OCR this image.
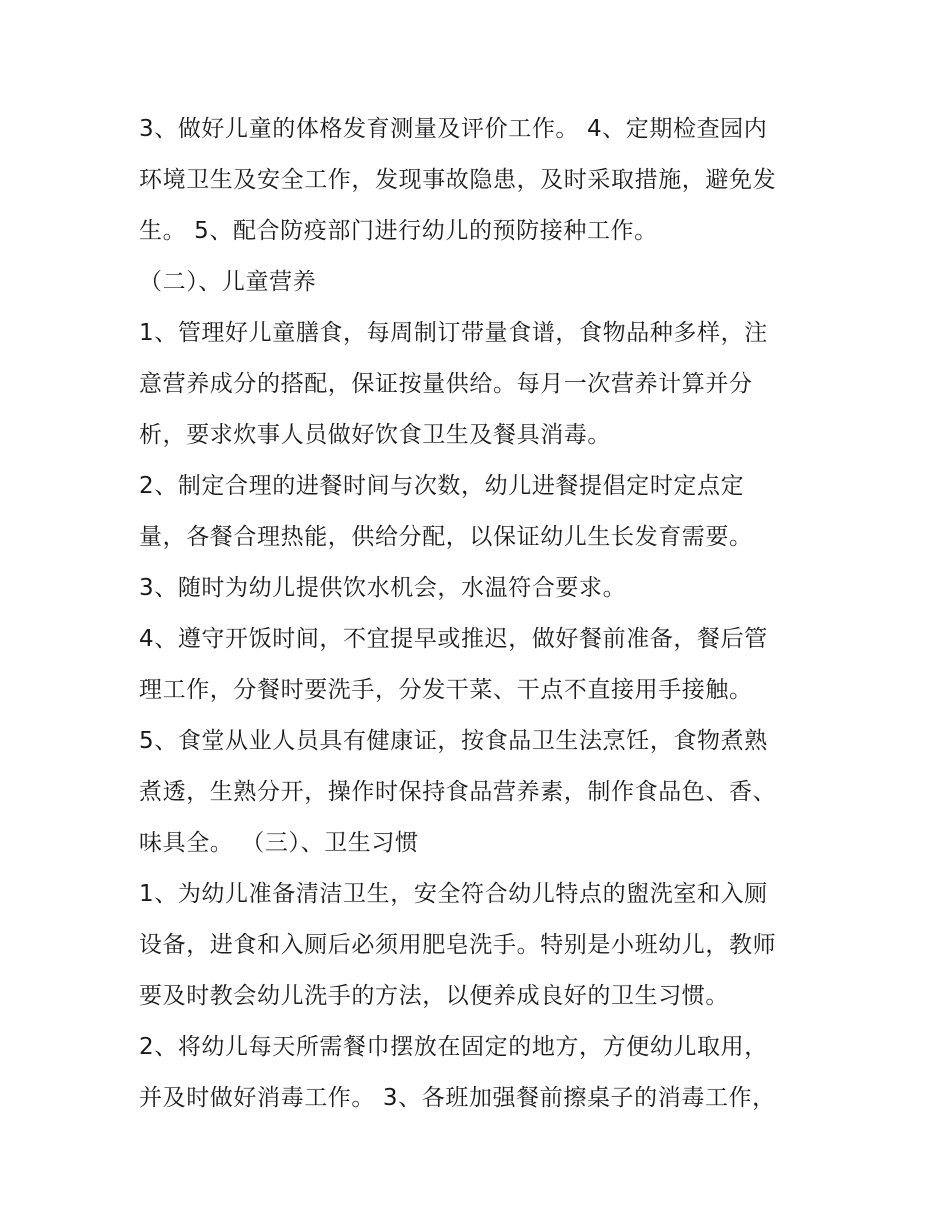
3、做好儿童的体格发育测量及评价工作。 4、定期检查园内
环境卫生及安全工作，发现事故隐患，及时采取措施，避免发
生。 5、配合防疫部门进行幼儿的预防接种工作。
（二）、儿童营养
1、管理好儿童膳食，每周制订带量食谱，食物品种多样，注
意营养成分的搭配，保证按量供给。每月一次营养计算并分
析，要求炊事人员做好饮食卫生及餐具消毒。
2、制定合理的进餐时间与次数，幼儿进餐提倡定时定点定
量，各餐合理热能，供给分配，以保证幼儿生长发育需要。
3、随时为幼儿提供饮水机会，水温符合要求。
4、遵守开饭时间，不宜提早或推迟，做好餐前准备，餐后管
理工作，分餐时要洗手，分发干菜、干点不直接用手接触。
5、食堂从业人员具有健康证，按食品卫生法烹饪，食物煮熟
煮透，生熟分开，操作时保持食品营养素，制作食品色、香、
味具全。 （三）、卫生习惯
1、为幼儿准备清洁卫生，安全符合幼儿特点的盥洗室和入厕
设备，进食和入厕后必须用肥皂洗手。特别是小班幼儿，教师
要及时教会幼儿洗手的方法，以便养成良好的卫生习惯。
2、将幼儿每天所需餐巾摆放在固定的地方，方便幼儿取用，
并及时做好消毒工作。 3、各班加强餐前擦桌子的消毒工作，
